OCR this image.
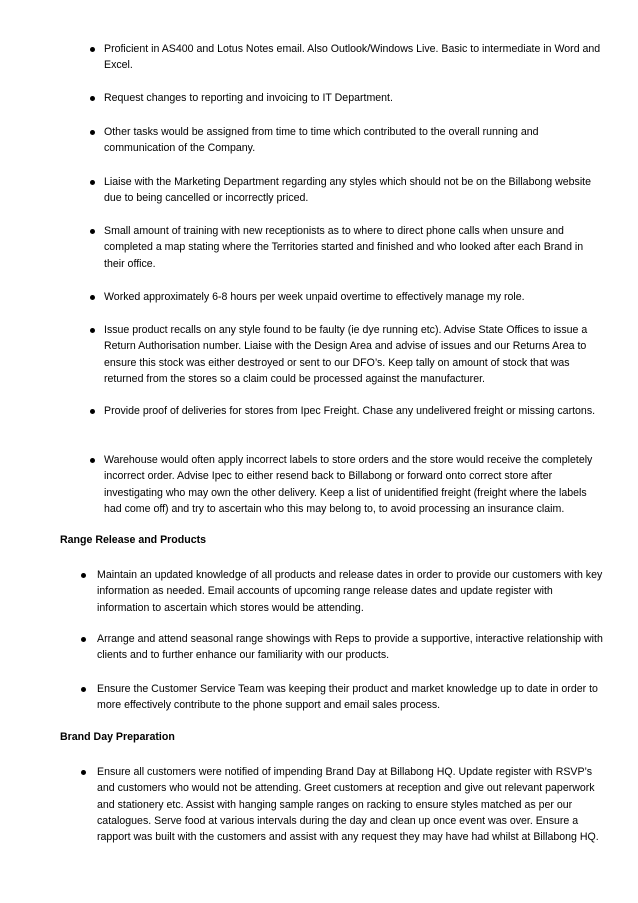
Proficient in AS400 and Lotus Notes email. Also Outlook/Windows Live. Basic to intermediate in Word and Excel.
Request changes to reporting and invoicing to IT Department.
Other tasks would be assigned from time to time which contributed to the overall running and communication of the Company.
Liaise with the Marketing Department regarding any styles which should not be on the Billabong website due to being cancelled or incorrectly priced.
Small amount of training with new receptionists as to where to direct phone calls when unsure and completed a map stating where the Territories started and finished and who looked after each Brand in their office.
Worked approximately 6-8 hours per week unpaid overtime to effectively manage my role.
Issue product recalls on any style found to be faulty (ie dye running etc). Advise State Offices to issue a Return Authorisation number. Liaise with the Design Area and advise of issues and our Returns Area to ensure this stock was either destroyed or sent to our DFO’s. Keep tally on amount of stock that was returned from the stores so a claim could be processed against the manufacturer.
Provide proof of deliveries for stores from Ipec Freight. Chase any undelivered freight or missing cartons.
Warehouse would often apply incorrect labels to store orders and the store would receive the completely incorrect order. Advise Ipec to either resend back to Billabong or forward onto correct store after investigating who may own the other delivery. Keep a list of unidentified freight (freight where the labels had come off) and try to ascertain who this may belong to, to avoid processing an insurance claim.
Range Release and Products
Maintain an updated knowledge of all products and release dates in order to provide our customers with key information as needed. Email accounts of upcoming range release dates and update register with information to ascertain which stores would be attending.
Arrange and attend seasonal range showings with Reps to provide a supportive, interactive relationship with clients and to further enhance our familiarity with our products.
Ensure the Customer Service Team was keeping their product and market knowledge up to date in order to more effectively contribute to the phone support and email sales process.
Brand Day Preparation
Ensure all customers were notified of impending Brand Day at Billabong HQ. Update register with RSVP’s and customers who would not be attending. Greet customers at reception and give out relevant paperwork and stationery etc. Assist with hanging sample ranges on racking to ensure styles matched as per our catalogues. Serve food at various intervals during the day and clean up once event was over. Ensure a rapport was built with the customers and assist with any request they may have had whilst at Billabong HQ.
